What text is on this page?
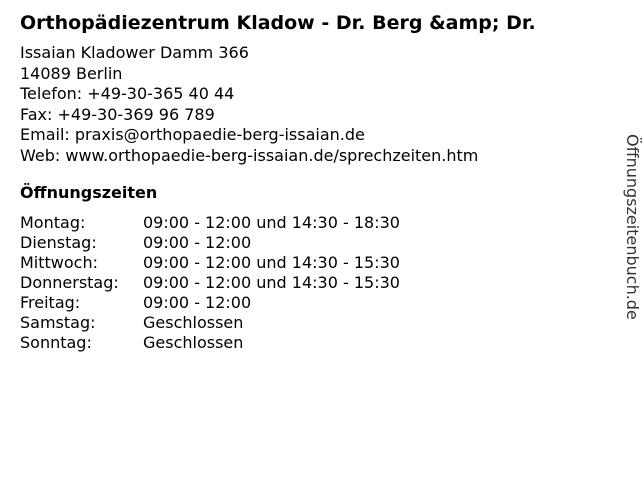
Orthopädiezentrum Kladow - Dr. Berg &amp; Dr.
Issaian Kladower Damm 366
14089 Berlin
Telefon: +49-30-365 40 44
Fax: +49-30-369 96 789
Email: praxis@orthopaedie-berg-issaian.de
Web: www.orthopaedie-berg-issaian.de/sprechzeiten.htm
Öffnungszeiten
Montag:	09:00 - 12:00 und 14:30 - 18:30
Dienstag:	09:00 - 12:00
Mittwoch:	09:00 - 12:00 und 14:30 - 15:30
Donnerstag:	09:00 - 12:00 und 14:30 - 15:30
Freitag:	09:00 - 12:00
Samstag:	Geschlossen
Sonntag:	Geschlossen
Öffnungszeitenbuch.de
